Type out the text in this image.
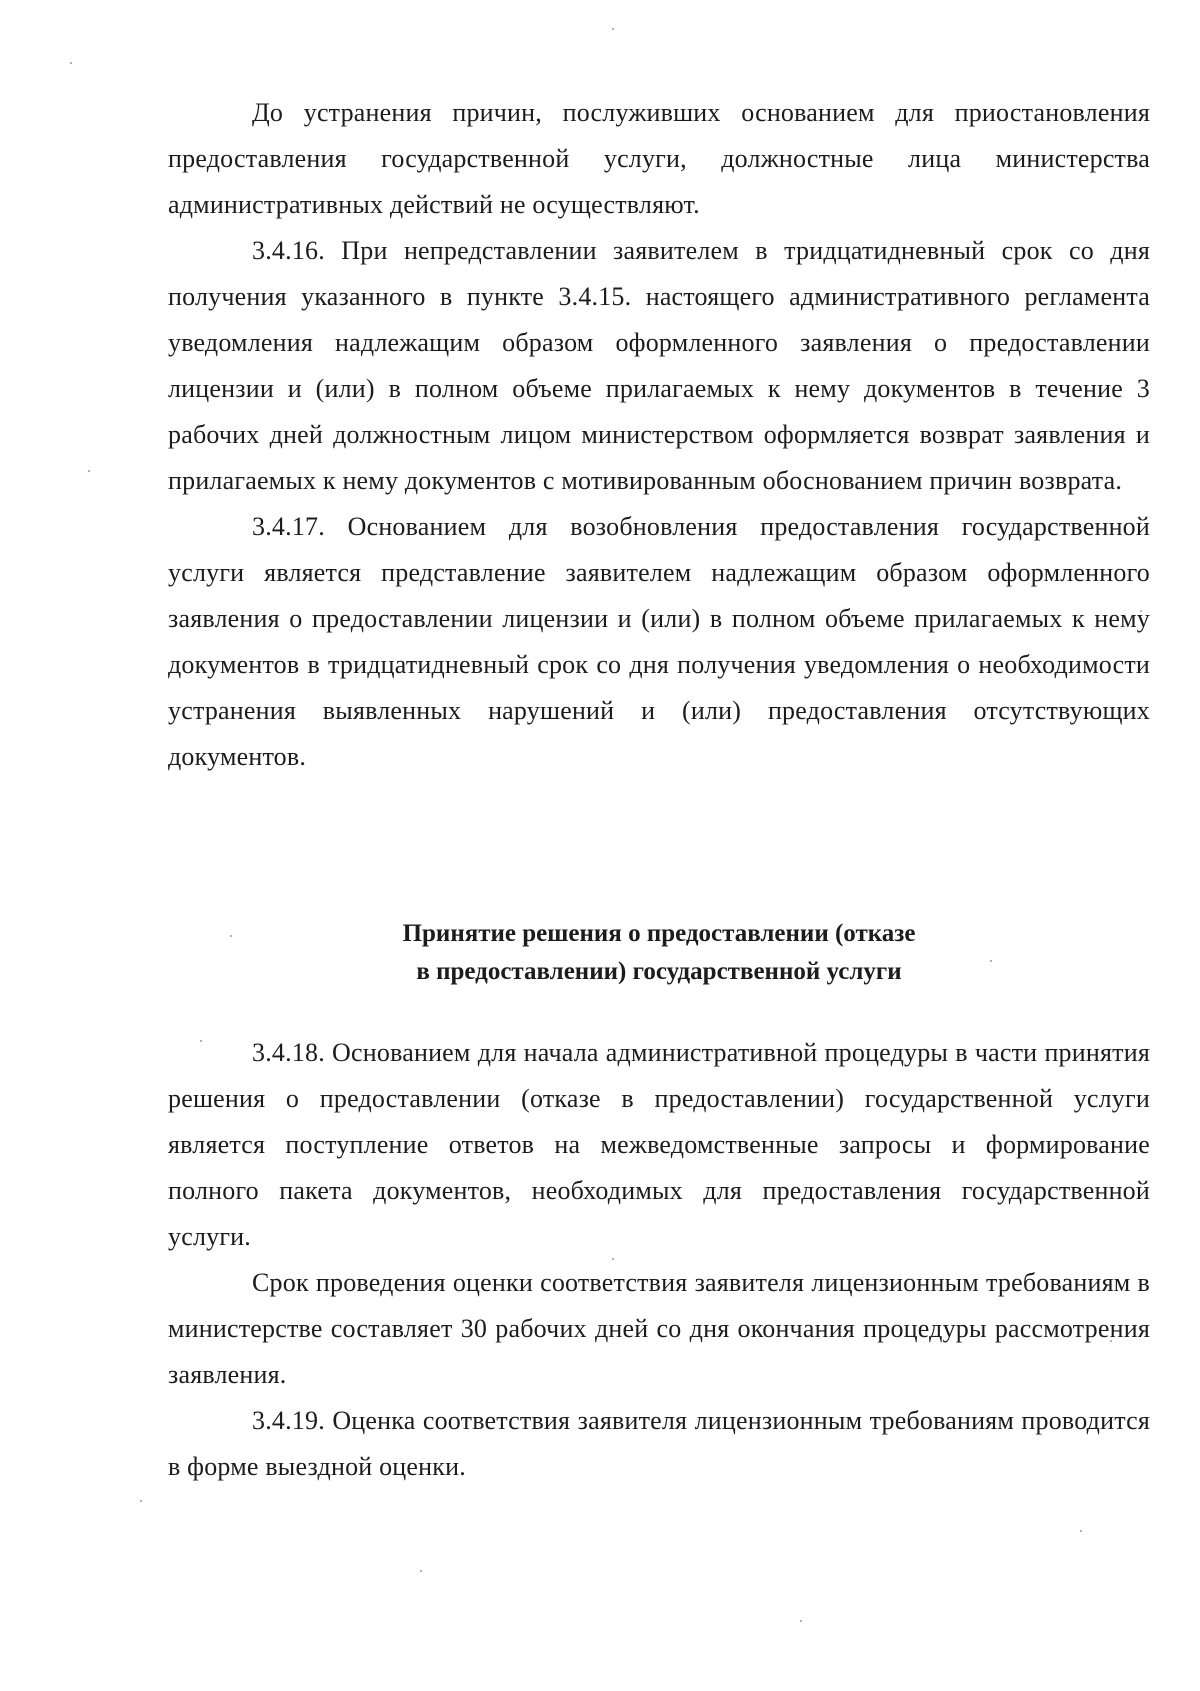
До устранения причин, послуживших основанием для приостановления предоставления государственной услуги, должностные лица министерства административных действий не осуществляют.

3.4.16. При непредставлении заявителем в тридцатидневный срок со дня получения указанного в пункте 3.4.15. настоящего административного регламента уведомления надлежащим образом оформленного заявления о предоставлении лицензии и (или) в полном объеме прилагаемых к нему документов в течение 3 рабочих дней должностным лицом министерством оформляется возврат заявления и прилагаемых к нему документов с мотивированным обоснованием причин возврата.

3.4.17. Основанием для возобновления предоставления государственной услуги является представление заявителем надлежащим образом оформленного заявления о предоставлении лицензии и (или) в полном объеме прилагаемых к нему документов в тридцатидневный срок со дня получения уведомления о необходимости устранения выявленных нарушений и (или) предоставления отсутствующих документов.

Принятие решения о предоставлении (отказе

в предоставлении) государственной услуги

3.4.18. Основанием для начала административной процедуры в части принятия решения о предоставлении (отказе в предоставлении) государственной услуги является поступление ответов на межведомственные запросы и формирование полного пакета документов, необходимых для предоставления государственной услуги.

Срок проведения оценки соответствия заявителя лицензионным требованиям в министерстве составляет 30 рабочих дней со дня окончания процедуры рассмотрения заявления.

3.4.19. Оценка соответствия заявителя лицензионным требованиям проводится в форме выездной оценки.
